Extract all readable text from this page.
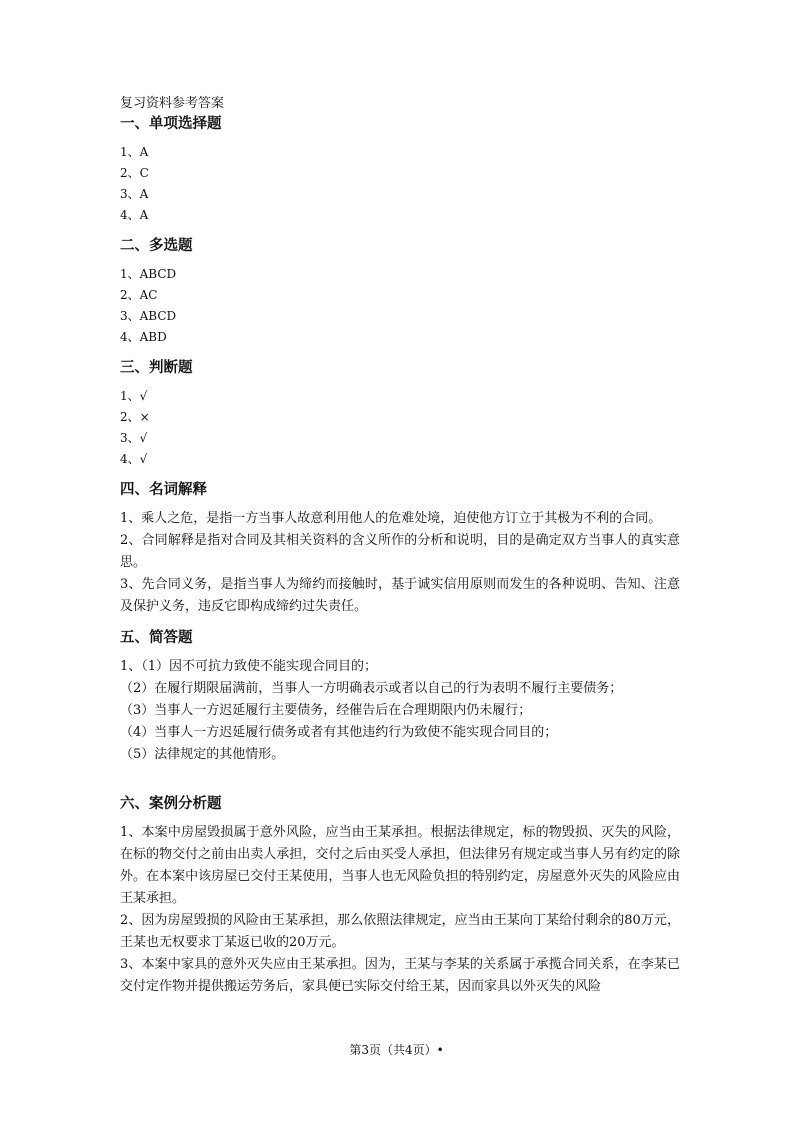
复习资料参考答案
一、单项选择题
1、A
2、C
3、A
4、A
二、多选题
1、ABCD
2、AC
3、ABCD
4、ABD
三、判断题
1、√
2、×
3、√
4、√
四、名词解释
1、乘人之危，是指一方当事人故意利用他人的危难处境，迫使他方订立于其极为不利的合同。
2、合同解释是指对合同及其相关资料的含义所作的分析和说明，目的是确定双方当事人的真实意思。
3、先合同义务，是指当事人为缔约而接触时，基于诚实信用原则而发生的各种说明、告知、注意及保护义务，违反它即构成缔约过失责任。
五、简答题
1、（1）因不可抗力致使不能实现合同目的；
（2）在履行期限届满前，当事人一方明确表示或者以自己的行为表明不履行主要债务；
（3）当事人一方迟延履行主要债务，经催告后在合理期限内仍未履行；
（4）当事人一方迟延履行债务或者有其他违约行为致使不能实现合同目的；
（5）法律规定的其他情形。
六、案例分析题
1、本案中房屋毁损属于意外风险，应当由王某承担。根据法律规定，标的物毁损、灭失的风险，在标的物交付之前由出卖人承担，交付之后由买受人承担，但法律另有规定或当事人另有约定的除外。在本案中该房屋已交付王某使用，当事人也无风险负担的特别约定，房屋意外灭失的风险应由王某承担。
2、因为房屋毁损的风险由王某承担，那么依照法律规定，应当由王某向丁某给付剩余的80万元，王某也无权要求丁某返已收的20万元。
3、本案中家具的意外灭失应由王某承担。因为，王某与李某的关系属于承揽合同关系，在李某已交付定作物并提供搬运劳务后，家具便已实际交付给王某，因而家具以外灭失的风险
第3页（共4页）•
